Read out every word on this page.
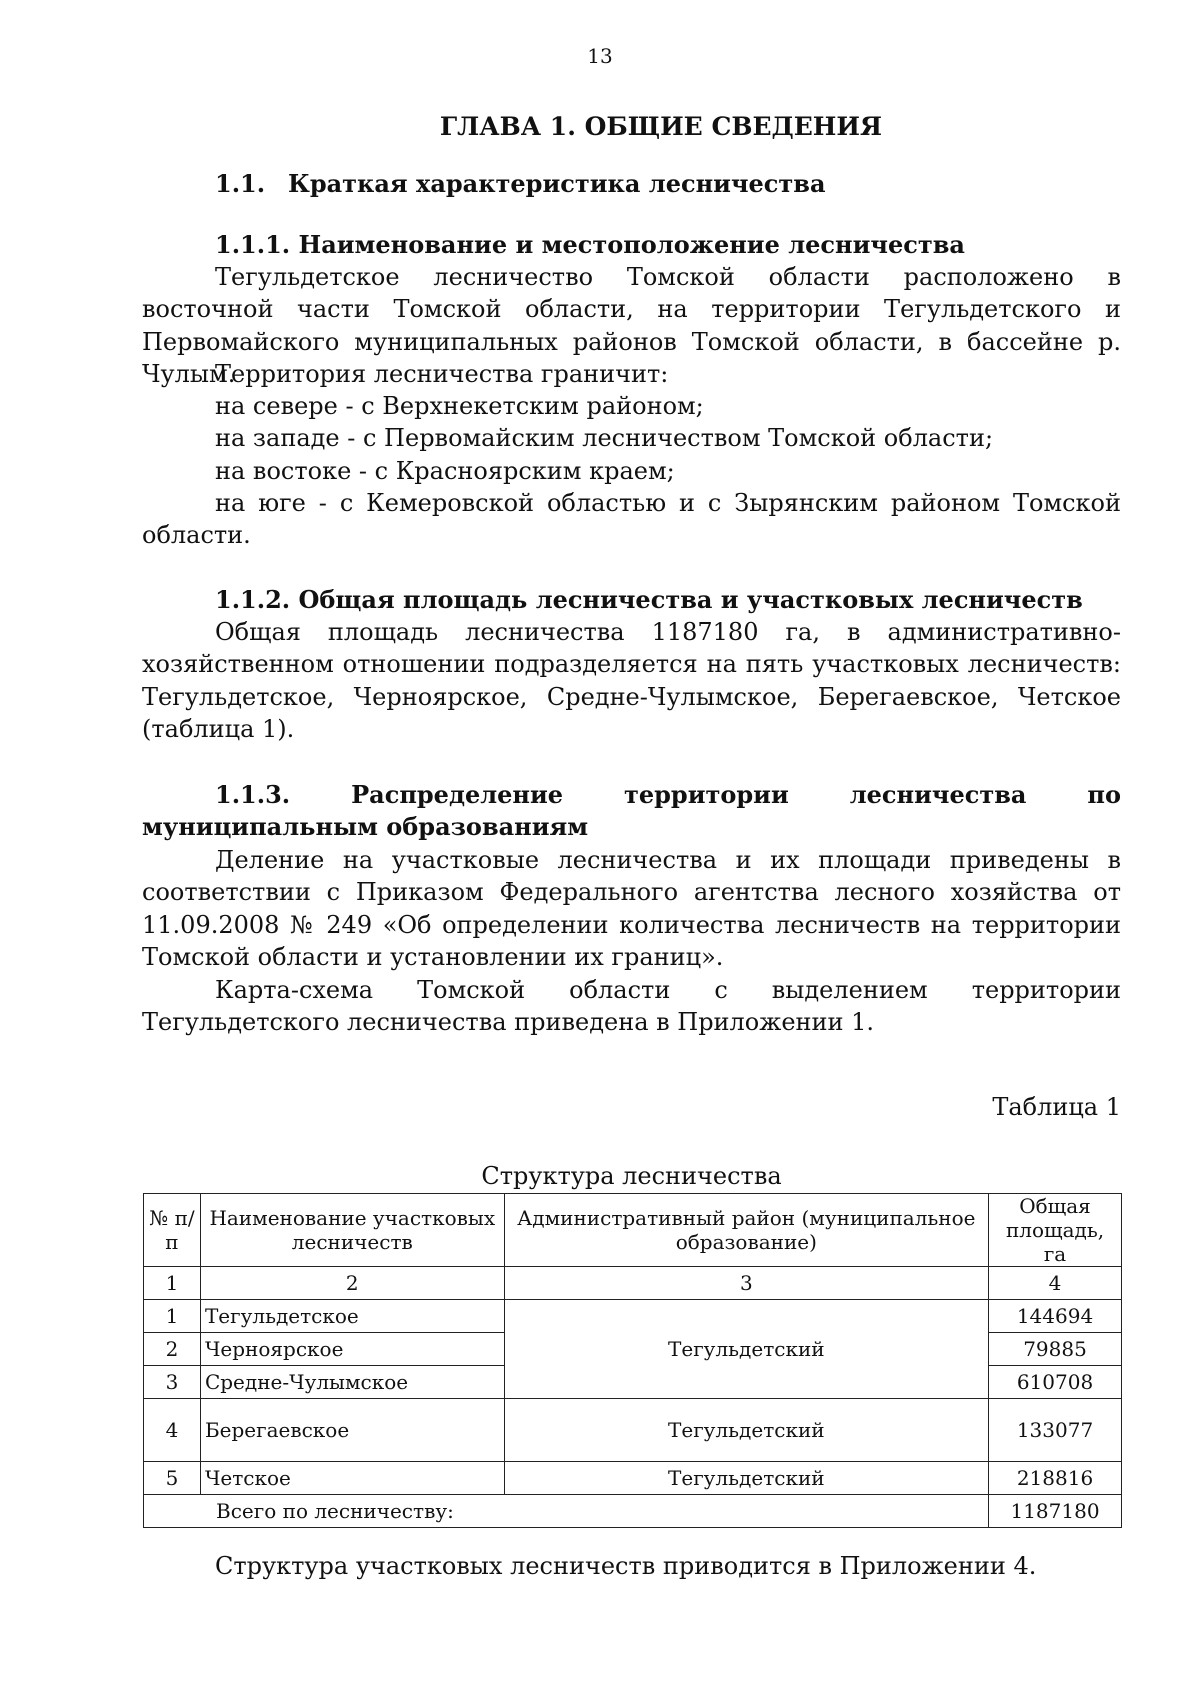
13
ГЛАВА 1. ОБЩИЕ СВЕДЕНИЯ
1.1. Краткая характеристика лесничества
1.1.1. Наименование и местоположение лесничества

Тегульдетское лесничество Томской области расположено в восточной части Томской области, на территории Тегульдетского и Первомайского муниципальных районов Томской области, в бассейне р. Чулым.

Территория лесничества граничит:

на севере - с Верхнекетским районом;

на западе - с Первомайским лесничеством Томской области;

на востоке - с Красноярским краем;

на юге - с Кемеровской областью и с Зырянским районом Томской области.

1.1.2. Общая площадь лесничества и участковых лесничеств

Общая площадь лесничества 1187180 га, в административно-хозяйственном отношении подразделяется на пять участковых лесничеств: Тегульдетское, Черноярское, Средне-Чулымское, Берегаевское, Четское (таблица 1).

1.1.3. Распределение территории лесничества по муниципальным образованиям

Деление на участковые лесничества и их площади приведены в соответствии с Приказом Федерального агентства лесного хозяйства от 11.09.2008 № 249 «Об определении количества лесничеств на территории Томской области и установлении их границ».

Карта-схема Томской области с выделением территории Тегульдетского лесничества приведена в Приложении 1.

Таблица 1
Структура лесничества
№ п/п	Наименование участковых лесничеств	Административный район (муниципальное образование)	Общая площадь, га
1	2	3	4
1	Тегульдетское	Тегульдетский	144694
2	Черноярское		79885
3	Средне-Чулымское		610708
4	Берегаевское	Тегульдетский	133077
5	Четское	Тегульдетский	218816
Всего по лесничеству:			1187180
Структура участковых лесничеств приводится в Приложении 4.
